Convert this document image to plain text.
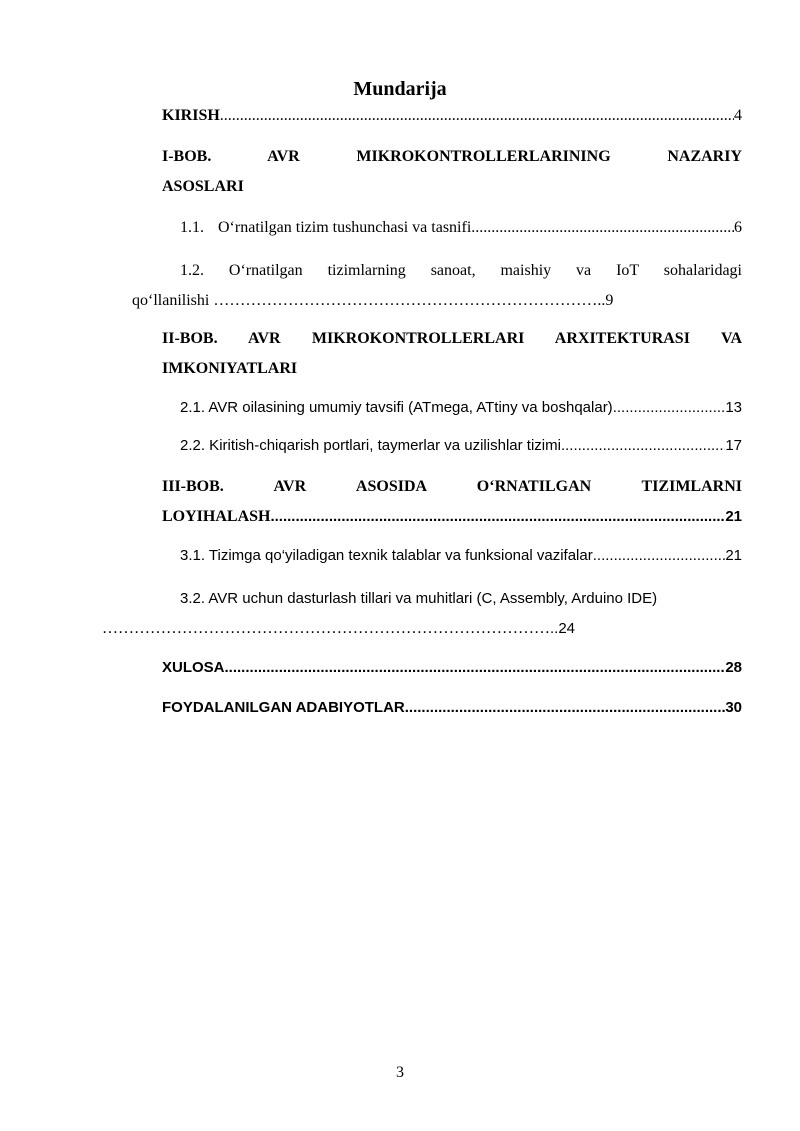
Mundarija
KIRISH .....	4
I-BOB. AVR MIKROKONTROLLERLARINING NAZARIY
ASOSLARI
1.1. O‘rnatilgan tizim tushunchasi va tasnifi .....	6
1.2. O‘rnatilgan tizimlarning sanoat, maishiy va IoT sohalaridagi
qo‘llanilishi ………………………………………………………………	..9
II-BOB. AVR MIKROKONTROLLERLARI ARXITEKTURASI VA
IMKONIYATLARI
2.1. AVR oilasining umumiy tavsifi (ATmega, ATtiny va boshqalar) .....	13
2.2. Kiritish-chiqarish portlari, taymerlar va uzilishlar tizimi .....	17
III-BOB. AVR ASOSIDA O‘RNATILGAN TIZIMLARNI
LOYIHALASH .....	21
3.1. Tizimga qo‘yiladigan texnik talablar va funksional vazifalar .....	21
3.2. AVR uchun dasturlash tillari va muhitlari (C, Assembly, Arduino IDE)
…………………………………………………………………………..24
XULOSA .....	28
FOYDALANILGAN ADABIYOTLAR .....	30
3
